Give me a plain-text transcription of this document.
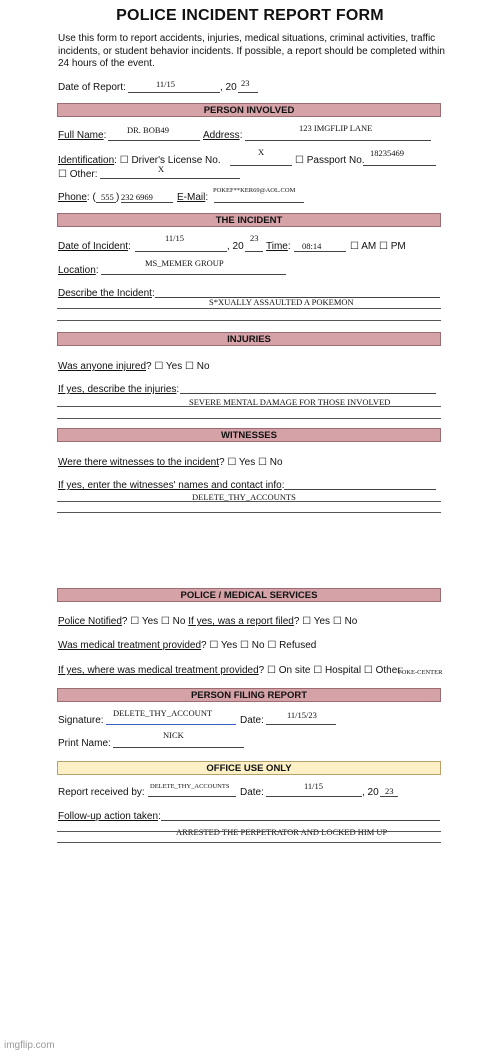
POLICE INCIDENT REPORT FORM
Use this form to report accidents, injuries, medical situations, criminal activities, traffic incidents, or student behavior incidents. If possible, a report should be completed within 24 hours of the event.
Date of Report:	11/15	, 20 23
PERSON INVOLVED
Full Name: DR. BOB49	Address:
123 IMGFLIP LANE
Identification: ☐ Driver's License No.
X
☐ Passport No.
18235469
☐ Other:	X
Phone: ( 555 ) 232 6969 E-Mail:
POKEF**KER69@AOL.COM
THE INCIDENT
Date of Incident:
11/15
, 20
23
Time: 08:14	☐ AM ☐ PM
Location:
MS_MEMER GROUP
Describe the Incident:
S*XUALLY ASSAULTED A POKEMON
INJURIES
Was anyone injured? ☐ Yes ☐ No
If yes, describe the injuries:
SEVERE MENTAL DAMAGE FOR THOSE INVOLVED
WITNESSES
Were there witnesses to the incident? ☐ Yes ☐ No
If yes, enter the witnesses' names and contact info:
DELETE_THY_ACCOUNTS
POLICE / MEDICAL SERVICES
Police Notified? ☐ Yes ☐ No If yes, was a report filed? ☐ Yes ☐ No
Was medical treatment provided? ☐ Yes ☐ No ☐ Refused
If yes, where was medical treatment provided? ☐ On site ☐ Hospital ☐ Other:
POKE-CENTER
PERSON FILING REPORT
Signature:
DELETE_THY_ACCOUNT
Date:	11/15/23
Print Name:
NICK
OFFICE USE ONLY
Report received by:
DELETE_THY_ACCOUNTS
Date:
11/15
, 20 23
Follow-up action taken:
ARRESTED THE PERPETRATOR AND LOCKED HIM UP
imgflip.com
